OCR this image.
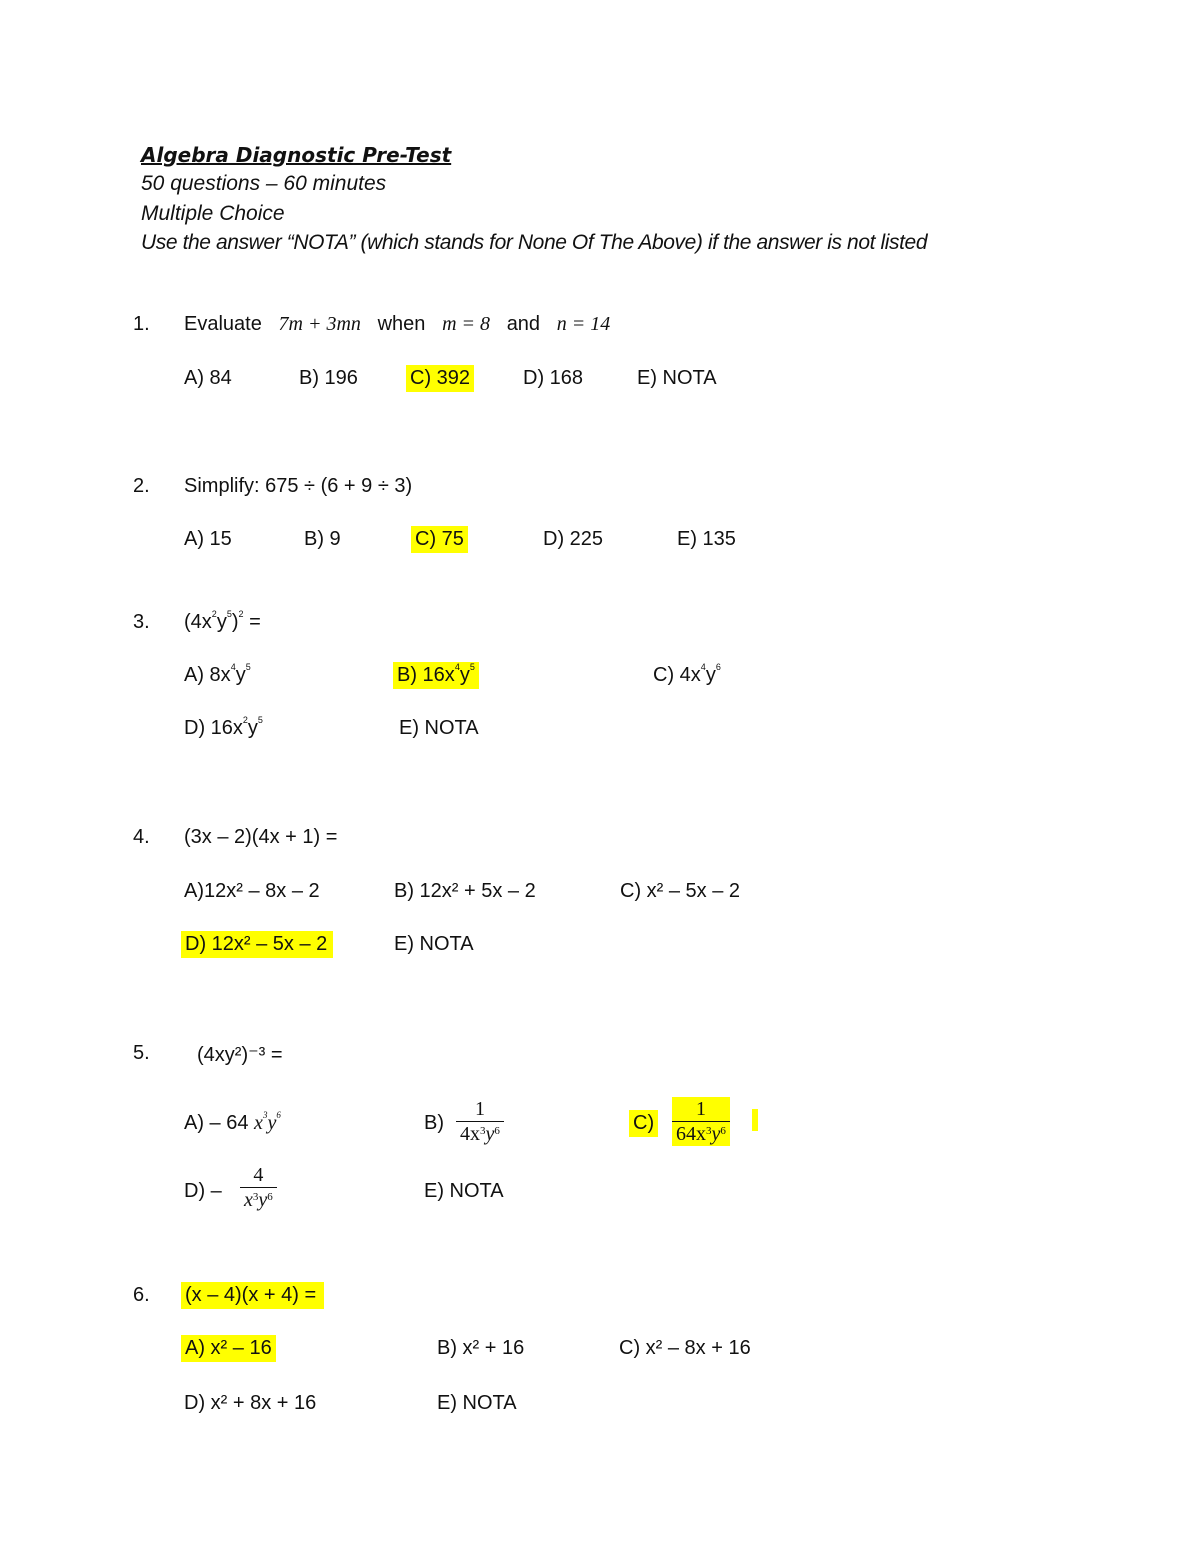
Algebra Diagnostic Pre-Test
50 questions – 60 minutes
Multiple Choice
Use the answer “NOTA” (which stands for None Of The Above) if the answer is not listed
1. Evaluate 7m + 3mn when m = 8 and n = 14
A) 84	B) 196	C) 392	D) 168	E) NOTA
2. Simplify: 675 ÷ (6 + 9 ÷ 3)
A) 15	B) 9	C) 75	D) 225	E) 135
3. $(4x^2y^5)^2$ =
A) $8x^4y^5$	B) $16x^4y^5$	C) $4x^4y^6$
D) $16x^2y^5$	E) NOTA
4. (3x – 2)(4x + 1) =
A)12x² – 8x – 2	B) 12x² + 5x – 2	C) x² – 5x – 2
D) 12x² – 5x – 2	E) NOTA
5. (4xy²)⁻³ =
A) – 64 $x^3y^6$	$B) \frac{1}{4x^3y^6}$	$C) \frac{1}{64x^3y^6}$
$D) - \frac{4}{x^3y^6}$	E) NOTA
6. (x – 4)(x + 4) =
A) x² – 16	B) x² + 16	C) x² – 8x + 16
D) x² + 8x + 16	E) NOTA
